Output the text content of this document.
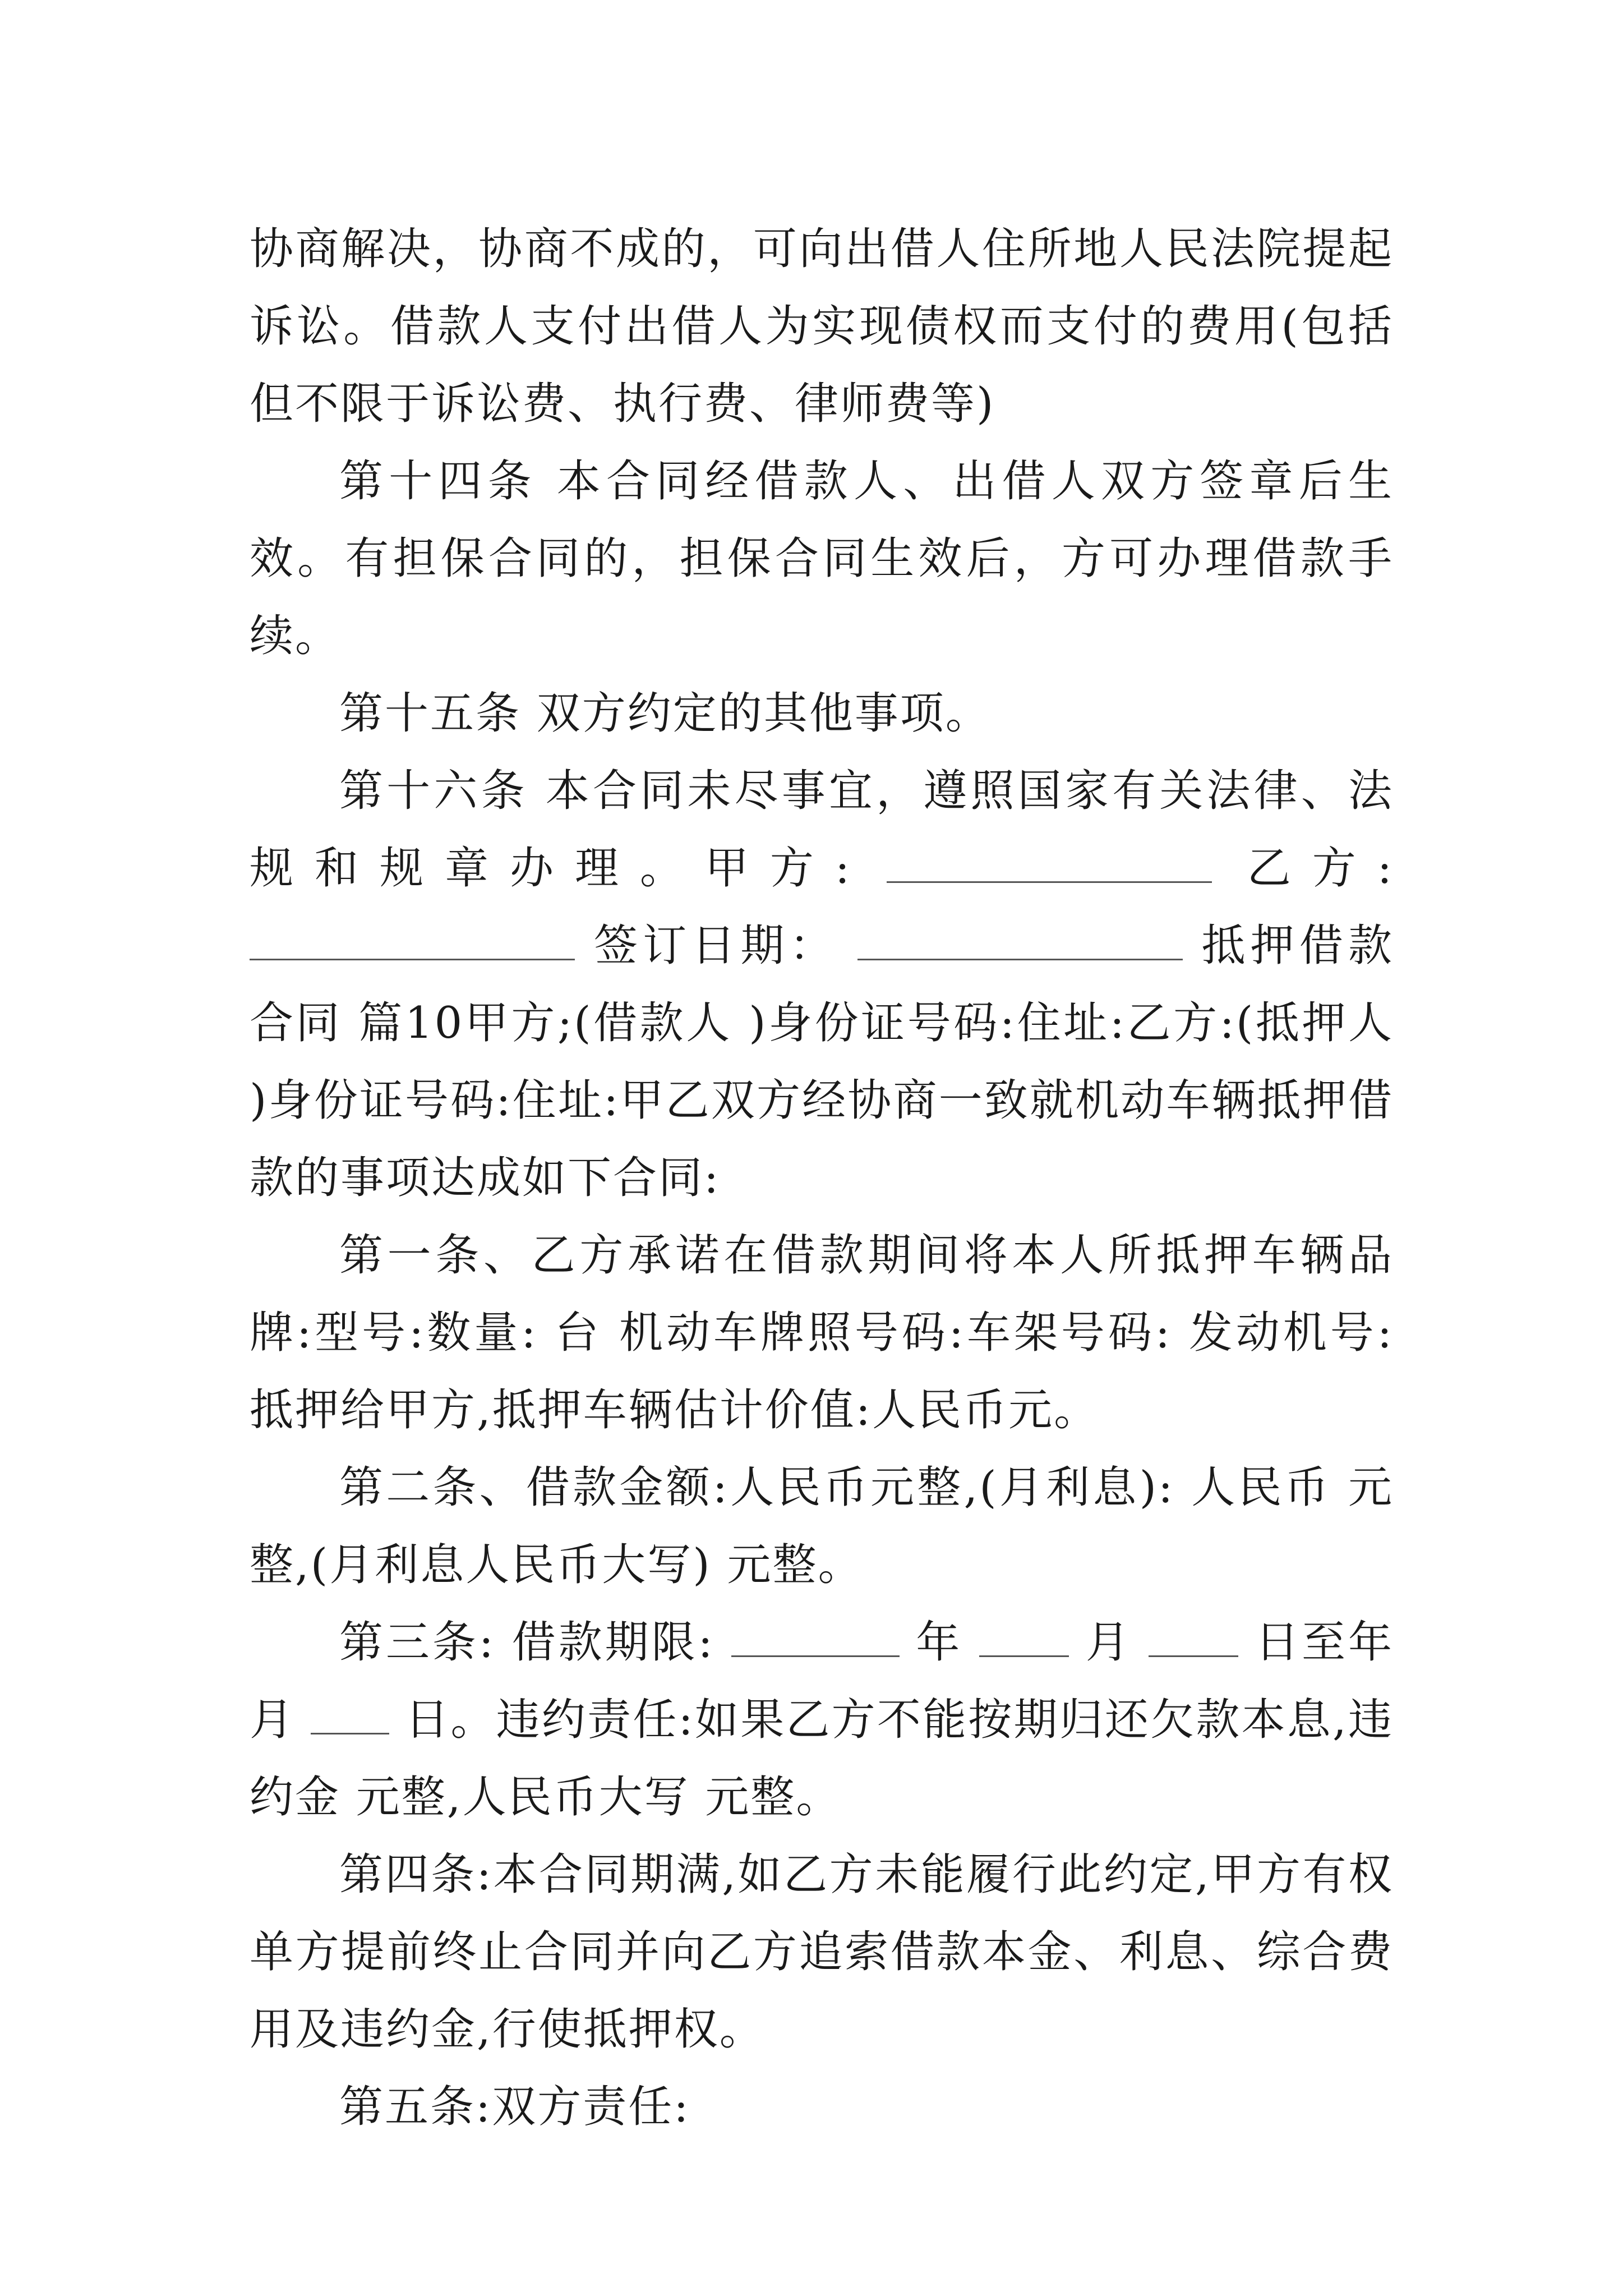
协商解决，协商不成的，可向出借人住所地人民法院提起诉讼。借款人支付出借人为实现债权而支付的费用(包括但不限于诉讼费、执行费、律师费等)

第十四条 本合同经借款人、出借人双方签章后生效。有担保合同的，担保合同生效后，方可办理借款手续。

第十五条 双方约定的其他事项。

第十六条 本合同未尽事宜，遵照国家有关法律、法规和规章办理。甲方:	乙方:  签订日期：	抵押借款合同 篇10甲方;(借款人 )身份证号码:住址:乙方:(抵押人 )身份证号码:住址:甲乙双方经协商一致就机动车辆抵押借款的事项达成如下合同:

第一条、乙方承诺在借款期间将本人所抵押车辆品牌:型号:数量: 台 机动车牌照号码:车架号码: 发动机号:抵押给甲方,抵押车辆估计价值:人民币元。

第二条、借款金额:人民币元整,(月利息): 人民币 元整,(月利息人民币大写) 元整。

第三条: 借款期限:	年	月	日至年月	日。违约责任:如果乙方不能按期归还欠款本息,违约金 元整,人民币大写 元整。

第四条:本合同期满,如乙方未能履行此约定,甲方有权单方提前终止合同并向乙方追索借款本金、利息、综合费用及违约金,行使抵押权。

第五条:双方责任:
